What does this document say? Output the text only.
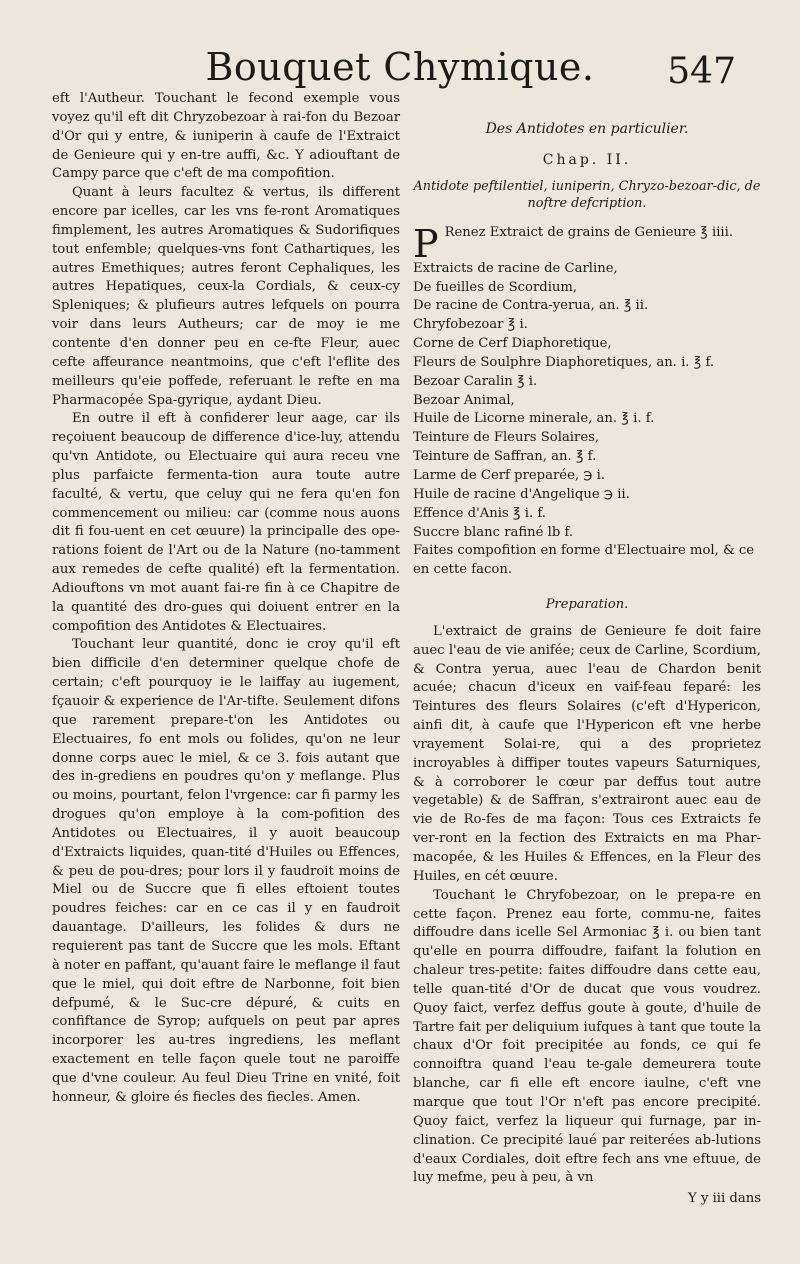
Bouquet Chymique.	547

eft l'Autheur. Touchant le fecond exemple vous voyez qu'il eft dit Chryzobezoar à rai-fon du Bezoar d'Or qui y entre, & iuniperin à caufe de l'Extraict de Genieure qui y en-tre auffi, &c. Y adiouftant de Campy parce que c'eft de ma compofition.

Quant à leurs facultez & vertus, ils different encore par icelles, car les vns fe-ront Aromatiques fimplement, les autres Aromatiques & Sudorifiques tout enfemble; quelques-vns font Cathartiques, les autres Emethiques; autres feront Cephaliques, les autres Hepatiques, ceux-la Cordials, & ceux-cy Spleniques; & plufieurs autres lefquels on pourra voir dans leurs Autheurs; car de moy ie me contente d'en donner peu en ce-fte Fleur, auec cefte affeurance neantmoins, que c'eft l'eflite des meilleurs qu'eie poffede, referuant le refte en ma Pharmacopée Spa-gyrique, aydant Dieu.

En outre il eft à confiderer leur aage, car ils reçoiuent beaucoup de difference d'ice-luy, attendu qu'vn Antidote, ou Electuaire qui aura receu vne plus parfaicte fermenta-tion aura toute autre faculté, & vertu, que celuy qui ne fera qu'en fon commencement ou milieu: car (comme nous auons dit fi fou-uent en cet œuure) la principalle des ope-rations foient de l'Art ou de la Nature (no-tamment aux remedes de cefte qualité) eft la fermentation. Adiouftons vn mot auant fai-re fin à ce Chapitre de la quantité des dro-gues qui doiuent entrer en la compofition des Antidotes & Electuaires.

Touchant leur quantité, donc ie croy qu'il eft bien difficile d'en determiner quelque chofe de certain; c'eft pourquoy ie le laiffay au iugement, fçauoir & experience de l'Ar-tifte. Seulement difons que rarement prepare-t'on les Antidotes ou Electuaires, fo ent mols ou folides, qu'on ne leur donne corps auec le miel, & ce 3. fois autant que des in-grediens en poudres qu'on y meflange. Plus ou moins, pourtant, felon l'vrgence: car fi parmy les drogues qu'on employe à la com-pofition des Antidotes ou Electuaires, il y auoit beaucoup d'Extraicts liquides, quan-tité d'Huiles ou Effences, & peu de pou-dres; pour lors il y faudroit moins de Miel ou de Succre que fi elles eftoient toutes poudres feiches: car en ce cas il y en faudroit dauantage. D'ailleurs, les folides & durs ne requierent pas tant de Succre que les mols. Eftant à noter en paffant, qu'auant faire le meflange il faut que le miel, qui doit eftre de Narbonne, foit bien defpumé, & le Suc-cre dépuré, & cuits en confiftance de Syrop; aufquels on peut par apres incorporer les au-tres ingrediens, les meflant exactement en telle façon quele tout ne paroiffe que d'vne couleur. Au feul Dieu Trine en vnité, foit honneur, & gloire és fiecles des fiecles. Amen.

Des Antidotes en particulier.
Chap. II.
Antidote peftilentiel, iuniperin, Chryzo-bezoar-dic, de noftre defcription.
P Renez Extraict de grains de Genieure ℥ iiii.

Extraicts de racine de Carline,

De fueilles de Scordium,

De racine de Contra-yerua, an. ℥ ii.

Chryfobezoar ℥ i.

Corne de Cerf Diaphoretique,

Fleurs de Soulphre Diaphoretiques, an. i. ℥ f.

Bezoar Caralin ℥ i.

Bezoar Animal,

Huile de Licorne minerale, an. ℥ i. f.

Teinture de Fleurs Solaires,

Teinture de Saffran, an. ℥ f.

Larme de Cerf preparée, ℈ i.

Huile de racine d'Angelique ℈ ii.

Effence d'Anis ℥ i. f.

Succre blanc rafiné lb f.

Faites compofition en forme d'Electuaire mol, & ce en cette facon.

Preparation.

L'extraict de grains de Genieure fe doit faire auec l'eau de vie anifée; ceux de Carline, Scordium, & Contra yerua, auec l'eau de Chardon benit acuée; chacun d'iceux en vaif-feau feparé: les Teintures des fleurs Solaires (c'eft d'Hypericon, ainfi dit, à caufe que l'Hypericon eft vne herbe vrayement Solai-re, qui a des proprietez incroyables à diffiper toutes vapeurs Saturniques, & à corroborer le cœur par deffus tout autre vegetable) & de Saffran, s'extrairont auec eau de vie de Ro-fes de ma façon: Tous ces Extraicts fe ver-ront en la fection des Extraicts en ma Phar-macopée, & les Huiles & Effences, en la Fleur des Huiles, en cét œuure.

Touchant le Chryfobezoar, on le prepa-re en cette façon. Prenez eau forte, commu-ne, faites diffoudre dans icelle Sel Armoniac ℥ i. ou bien tant qu'elle en pourra diffoudre, faifant la folution en chaleur tres-petite: faites diffoudre dans cette eau, telle quan-tité d'Or de ducat que vous voudrez. Quoy faict, verfez deffus goute à goute, d'huile de Tartre fait per deliquium iufques à tant que toute la chaux d'Or foit precipitée au fonds, ce qui fe connoiftra quand l'eau te-gale demeurera toute blanche, car fi elle eft encore iaulne, c'eft vne marque que tout l'Or n'eft pas encore precipité. Quoy faict, verfez la liqueur qui furnage, par in-clination. Ce precipité laué par reiterées ab-lutions d'eaux Cordiales, doit eftre fech ans vne eftuue, de luy mefme, peu à peu, à vn

Y y iii dans
